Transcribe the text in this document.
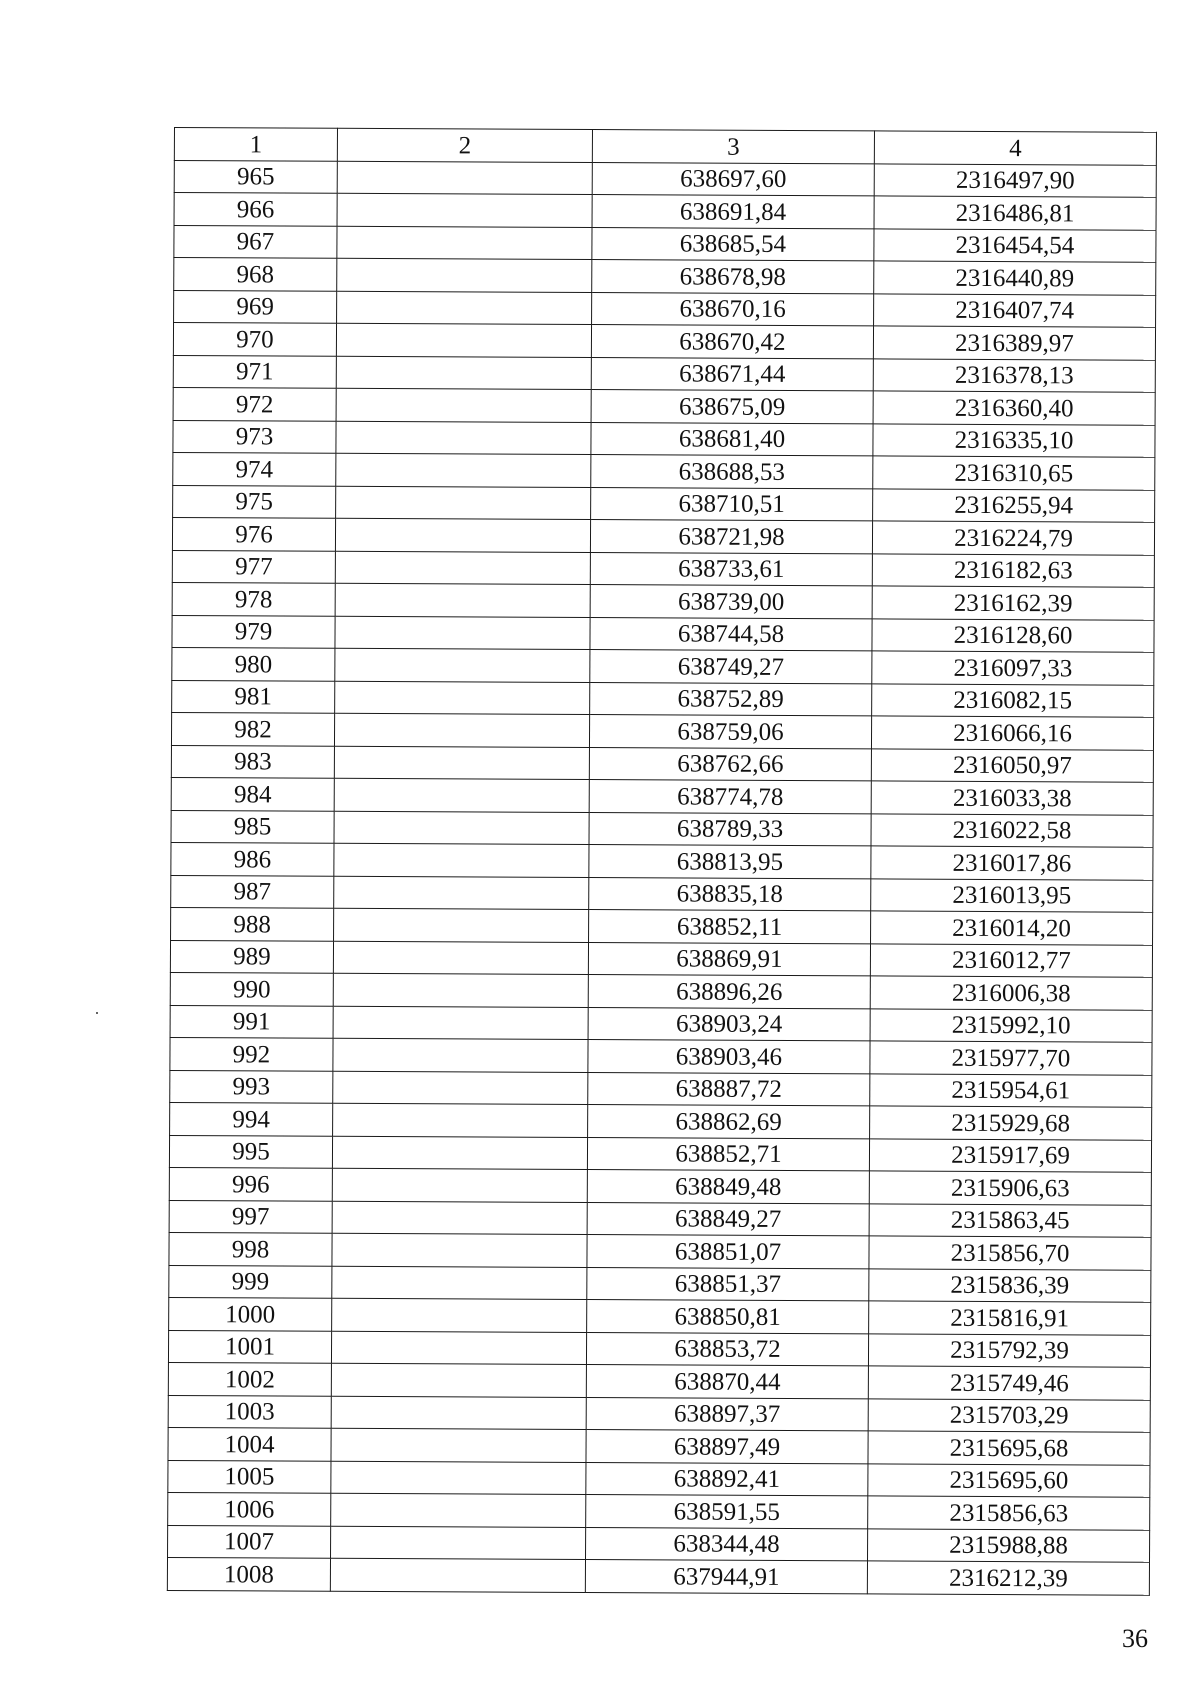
1	2	3	4
965		638697,60	2316497,90
966		638691,84	2316486,81
967		638685,54	2316454,54
968		638678,98	2316440,89
969		638670,16	2316407,74
970		638670,42	2316389,97
971		638671,44	2316378,13
972		638675,09	2316360,40
973		638681,40	2316335,10
974		638688,53	2316310,65
975		638710,51	2316255,94
976		638721,98	2316224,79
977		638733,61	2316182,63
978		638739,00	2316162,39
979		638744,58	2316128,60
980		638749,27	2316097,33
981		638752,89	2316082,15
982		638759,06	2316066,16
983		638762,66	2316050,97
984		638774,78	2316033,38
985		638789,33	2316022,58
986		638813,95	2316017,86
987		638835,18	2316013,95
988		638852,11	2316014,20
989		638869,91	2316012,77
990		638896,26	2316006,38
991		638903,24	2315992,10
992		638903,46	2315977,70
993		638887,72	2315954,61
994		638862,69	2315929,68
995		638852,71	2315917,69
996		638849,48	2315906,63
997		638849,27	2315863,45
998		638851,07	2315856,70
999		638851,37	2315836,39
1000		638850,81	2315816,91
1001		638853,72	2315792,39
1002		638870,44	2315749,46
1003		638897,37	2315703,29
1004		638897,49	2315695,68
1005		638892,41	2315695,60
1006		638591,55	2315856,63
1007		638344,48	2315988,88
1008		637944,91	2316212,39
36
